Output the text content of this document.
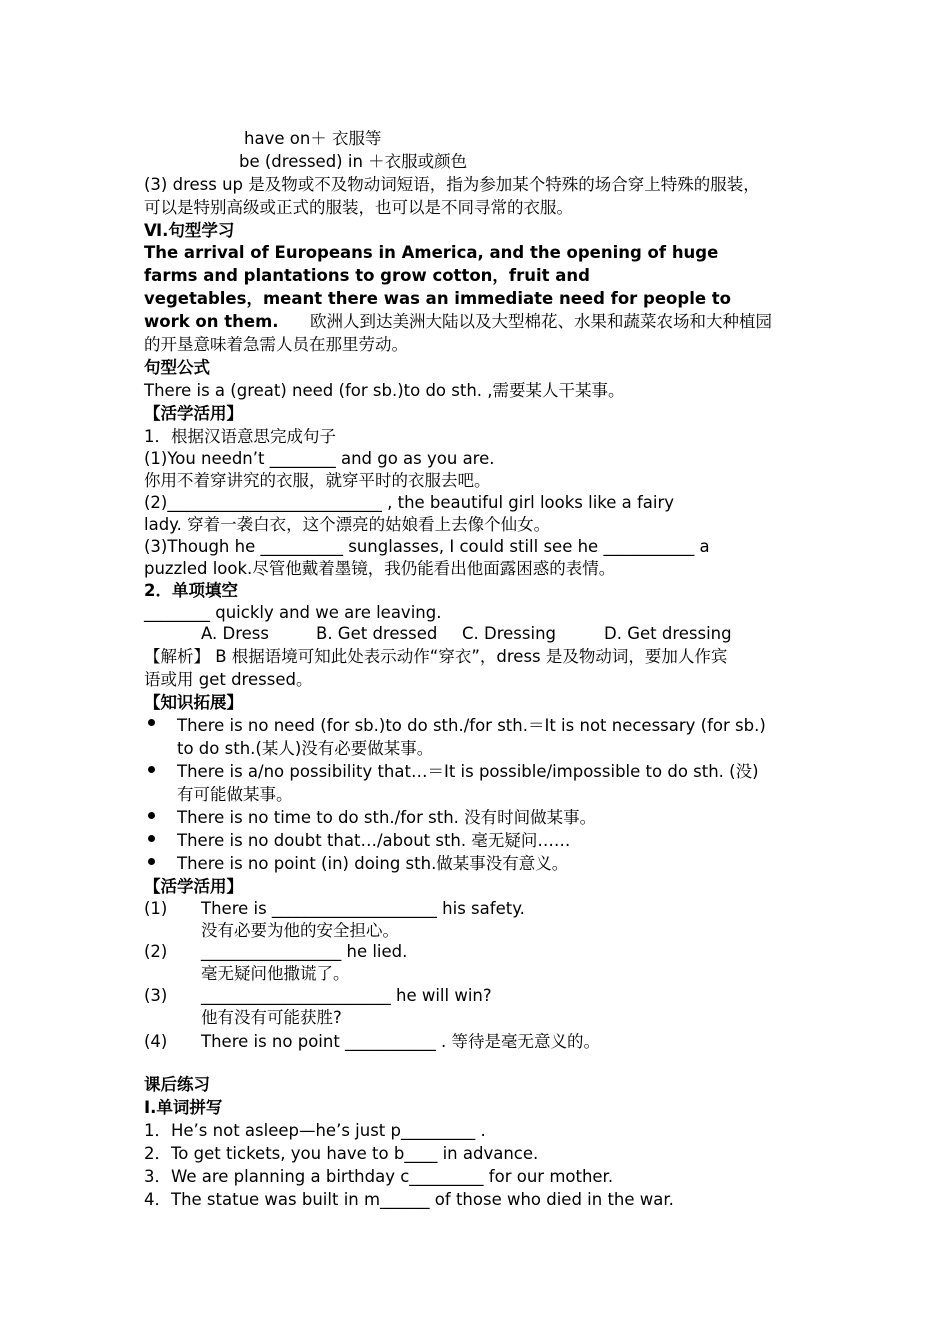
have on＋ 衣服等
be (dressed) in ＋衣服或颜色
(3) dress up 是及物或不及物动词短语，指为参加某个特殊的场合穿上特殊的服装，
可以是特别高级或正式的服装，也可以是不同寻常的衣服。
Ⅵ.句型学习
The arrival of Europeans in America, and the opening of huge
farms and plantations to grow cotton，fruit and
vegetables，meant there was an immediate need for people to
work on them. 欧洲人到达美洲大陆以及大型棉花、水果和蔬菜农场和大种植园
的开垦意味着急需人员在那里劳动。
句型公式
There is a (great) need (for sb.)to do sth. ,需要某人干某事。
【活学活用】
1．根据汉语意思完成句子
(1)You needn’t ________ and go as you are.
你用不着穿讲究的衣服，就穿平时的衣服去吧。
(2)__________________________ , the beautiful girl looks like a fairy
lady. 穿着一袭白衣，这个漂亮的姑娘看上去像个仙女。
(3)Though he __________ sunglasses, I could still see he ___________ a
puzzled look.尽管他戴着墨镜，我仍能看出他面露困惑的表情。
2．单项填空
________ quickly and we are leaving.
A. Dress	B. Get dressed C. Dressing	D. Get dressing
【解析】 B 根据语境可知此处表示动作“穿衣”，dress 是及物动词，要加人作宾
语或用 get dressed。
【知识拓展】
There is no need (for sb.)to do sth./for sth.＝It is not necessary (for sb.)
to do sth.(某人)没有必要做某事。
There is a/no possibility that…＝It is possible/impossible to do sth. (没)
有可能做某事。
There is no time to do sth./for sth. 没有时间做某事。
There is no doubt that…/about sth. 毫无疑问……
There is no point (in) doing sth.做某事没有意义。
【活学活用】
(1) There is ____________________ his safety.
没有必要为他的安全担心。
(2) _________________ he lied.
毫无疑问他撒谎了。
(3) _______________________ he will win?
他有没有可能获胜?
(4) There is no point ___________ . 等待是毫无意义的。
课后练习
Ⅰ.单词拼写
1．He’s not asleep—he’s just p_________ .
2．To get tickets, you have to b____ in advance.
3．We are planning a birthday c_________ for our mother.
4．The statue was built in m______ of those who died in the war.
